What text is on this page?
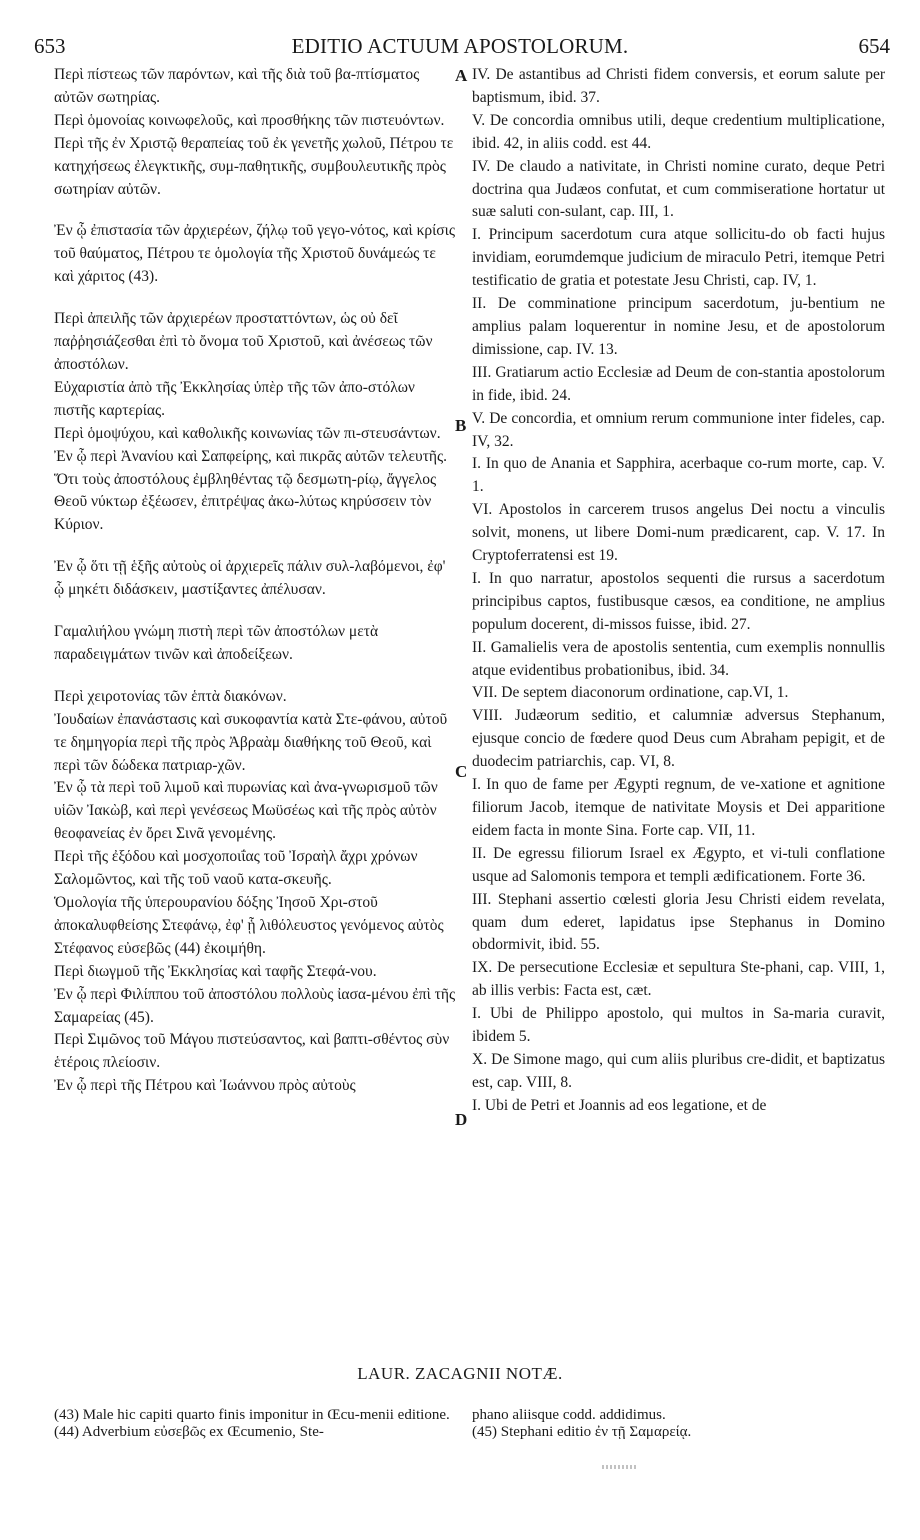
653	EDITIO ACTUUM APOSTOLORUM.	654

Περὶ πίστεως τῶν παρόντων, καὶ τῆς διὰ τοῦ βα-πτίσματος αὐτῶν σωτηρίας.

Περὶ ὁμονοίας κοινωφελοῦς, καὶ προσθήκης τῶν πιστευόντων.

Περὶ τῆς ἐν Χριστῷ θεραπείας τοῦ ἐκ γενετῆς χωλοῦ, Πέτρου τε κατηχήσεως ἐλεγκτικῆς, συμ-παθητικῆς, συμβουλευτικῆς πρὸς σωτηρίαν αὐτῶν.

Ἐν ᾧ ἐπιστασία τῶν ἀρχιερέων, ζήλῳ τοῦ γεγο-νότος, καὶ κρίσις τοῦ θαύματος, Πέτρου τε ὁμολογία τῆς Χριστοῦ δυνάμεώς τε καὶ χάριτος (43).

Περὶ ἀπειλῆς τῶν ἀρχιερέων προσταττόντων, ὡς οὐ δεῖ παῤῥησιάζεσθαι ἐπὶ τὸ ὄνομα τοῦ Χριστοῦ, καὶ ἀνέσεως τῶν ἀποστόλων.

Εὐχαριστία ἀπὸ τῆς Ἐκκλησίας ὑπὲρ τῆς τῶν ἀπο-στόλων πιστῆς καρτερίας.

Περὶ ὁμοψύχου, καὶ καθολικῆς κοινωνίας τῶν πι-στευσάντων.

Ἐν ᾧ περὶ Ἀνανίου καὶ Σαπφείρης, καὶ πικρᾶς αὐτῶν τελευτῆς.

Ὅτι τοὺς ἀποστόλους ἐμβληθέντας τῷ δεσμωτη-ρίῳ, ἄγγελος Θεοῦ νύκτωρ ἐξέωσεν, ἐπιτρέψας ἀκω-λύτως κηρύσσειν τὸν Κύριον.

Ἐν ᾧ ὅτι τῇ ἑξῆς αὐτοὺς οἱ ἀρχιερεῖς πάλιν συλ-λαβόμενοι, ἐφ' ᾧ μηκέτι διδάσκειν, μαστίξαντες ἀπέλυσαν.

Γαμαλιήλου γνώμη πιστὴ περὶ τῶν ἀποστόλων μετὰ παραδειγμάτων τινῶν καὶ ἀποδείξεων.

Περὶ χειροτονίας τῶν ἑπτὰ διακόνων.

Ἰουδαίων ἐπανάστασις καὶ συκοφαντία κατὰ Στε-φάνου, αὐτοῦ τε δημηγορία περὶ τῆς πρὸς Ἀβραὰμ διαθήκης τοῦ Θεοῦ, καὶ περὶ τῶν δώδεκα πατριαρ-χῶν.

Ἐν ᾧ τὰ περὶ τοῦ λιμοῦ καὶ πυρωνίας καὶ ἀνα-γνωρισμοῦ τῶν υἱῶν Ἰακὼβ, καὶ περὶ γενέσεως Μωϋσέως καὶ τῆς πρὸς αὐτὸν θεοφανείας ἐν ὄρει Σινᾶ γενομένης.

Περὶ τῆς ἐξόδου καὶ μοσχοποιΐας τοῦ Ἰσραὴλ ἄχρι χρόνων Σαλομῶντος, καὶ τῆς τοῦ ναοῦ κατα-σκευῆς.

Ὁμολογία τῆς ὑπερουρανίου δόξης Ἰησοῦ Χρι-στοῦ ἀποκαλυφθείσης Στεφάνῳ, ἐφ' ᾗ λιθόλευστος γενόμενος αὐτὸς Στέφανος εὐσεβῶς (44) ἐκοιμήθη.

Περὶ διωγμοῦ τῆς Ἐκκλησίας καὶ ταφῆς Στεφά-νου.

Ἐν ᾧ περὶ Φιλίππου τοῦ ἀποστόλου πολλοὺς ἰασα-μένου ἐπὶ τῆς Σαμαρείας (45).

Περὶ Σιμῶνος τοῦ Μάγου πιστεύσαντος, καὶ βαπτι-σθέντος σὺν ἑτέροις πλείοσιν.

Ἐν ᾧ περὶ τῆς Πέτρου καὶ Ἰωάννου πρὸς αὐτοὺς

IV. De astantibus ad Christi fidem conversis, et eorum salute per baptismum, ibid. 37.

V. De concordia omnibus utili, deque credentium multiplicatione, ibid. 42, in aliis codd. est 44.

IV. De claudo a nativitate, in Christi nomine curato, deque Petri doctrina qua Judæos confutat, et cum commiseratione hortatur ut suæ saluti con-sulant, cap. III, 1.

I. Principum sacerdotum cura atque sollicitu-do ob facti hujus invidiam, eorumdemque judicium de miraculo Petri, itemque Petri testificatio de gratia et potestate Jesu Christi, cap. IV, 1.

II. De comminatione principum sacerdotum, ju-bentium ne amplius palam loquerentur in nomine Jesu, et de apostolorum dimissione, cap. IV. 13.

III. Gratiarum actio Ecclesiæ ad Deum de con-stantia apostolorum in fide, ibid. 24.

V. De concordia, et omnium rerum communione inter fideles, cap. IV, 32.

I. In quo de Anania et Sapphira, acerbaque co-rum morte, cap. V. 1.

VI. Apostolos in carcerem trusos angelus Dei noctu a vinculis solvit, monens, ut libere Domi-num prædicarent, cap. V. 17. In Cryptoferratensi est 19.

I. In quo narratur, apostolos sequenti die rursus a sacerdotum principibus captos, fustibusque cæsos, ea conditione, ne amplius populum docerent, di-missos fuisse, ibid. 27.

II. Gamalielis vera de apostolis sententia, cum exemplis nonnullis atque evidentibus probationibus, ibid. 34.

VII. De septem diaconorum ordinatione, cap.VI, 1.

VIII. Judæorum seditio, et calumniæ adversus Stephanum, ejusque concio de fœdere quod Deus cum Abraham pepigit, et de duodecim patriarchis, cap. VI, 8.

I. In quo de fame per Ægypti regnum, de ve-xatione et agnitione filiorum Jacob, itemque de nativitate Moysis et Dei apparitione eidem facta in monte Sina. Forte cap. VII, 11.

II. De egressu filiorum Israel ex Ægypto, et vi-tuli conflatione usque ad Salomonis tempora et templi ædificationem. Forte 36.

III. Stephani assertio cœlesti gloria Jesu Christi eidem revelata, quam dum ederet, lapidatus ipse Stephanus in Domino obdormivit, ibid. 55.

IX. De persecutione Ecclesiæ et sepultura Ste-phani, cap. VIII, 1, ab illis verbis: Facta est, cæt.

I. Ubi de Philippo apostolo, qui multos in Sa-maria curavit, ibidem 5.

X. De Simone mago, qui cum aliis pluribus cre-didit, et baptizatus est, cap. VIII, 8.

I. Ubi de Petri et Joannis ad eos legatione, et de

A
B
C
D
LAUR. ZACAGNII NOTÆ.

(43) Male hic capiti quarto finis imponitur in Œcu-menii editione.

(44) Adverbium εὐσεβῶς ex Œcumenio, Ste-

phano aliisque codd. addidimus.

(45) Stephani editio ἐν τῇ Σαμαρείᾳ.
